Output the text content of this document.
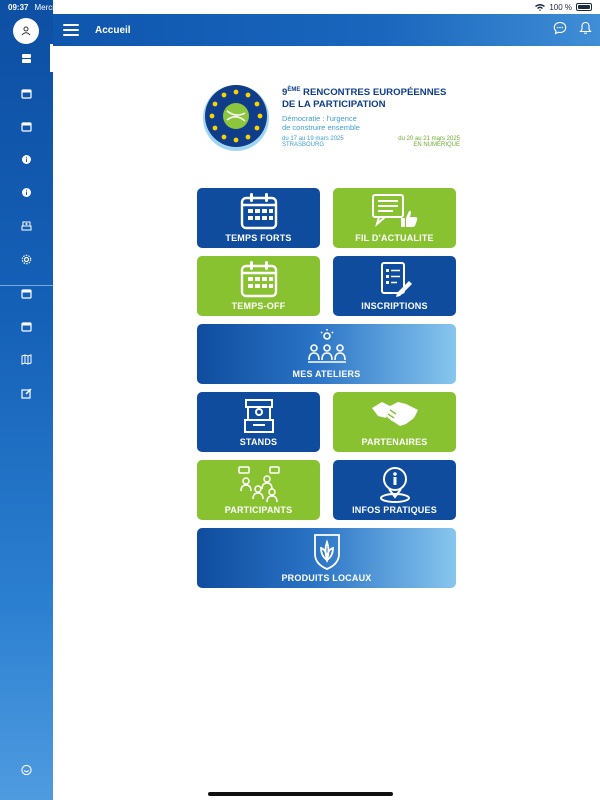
09:37 Mercredi 12 février	100 %
Accueil
9ÈME RENCONTRES EUROPÉENNES
DE LA PARTICIPATION
Démocratie : l'urgence
de construire ensemble
du 17 au 19 mars 2025
STRASBOURG
du 20 au 21 mars 2025
EN NUMÉRIQUE
TEMPS FORTS	FIL D'ACTUALITE
TEMPS-OFF	INSCRIPTIONS
MES ATELIERS
STANDS	PARTENAIRES
PARTICIPANTS	INFOS PRATIQUES
PRODUITS LOCAUX
